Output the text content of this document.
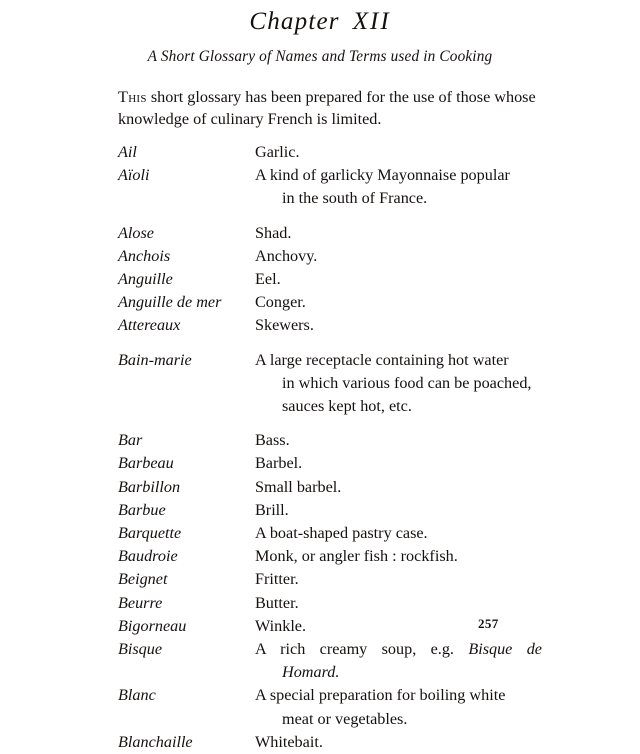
Chapter XII
A Short Glossary of Names and Terms used in Cooking

This short glossary has been prepared for the use of those whose knowledge of culinary French is limited.

Ail	Garlic.
Aïoli	A kind of garlicky Mayonnaise popular
in the south of France.
Alose	Shad.
Anchois	Anchovy.
Anguille	Eel.
Anguille de mer	Conger.
Attereaux	Skewers.
Bain-marie	A large receptacle containing hot water
in which various food can be poached,
sauces kept hot, etc.
Bar	Bass.
Barbeau	Barbel.
Barbillon	Small barbel.
Barbue	Brill.
Barquette	A boat-shaped pastry case.
Baudroie	Monk, or angler fish : rockfish.
Beignet	Fritter.
Beurre	Butter.
Bigorneau	Winkle.
Bisque	A rich creamy soup, e.g. Bisque de
Homard.
Blanc	A special preparation for boiling white
meat or vegetables.
Blanchaille	Whitebait.
257
